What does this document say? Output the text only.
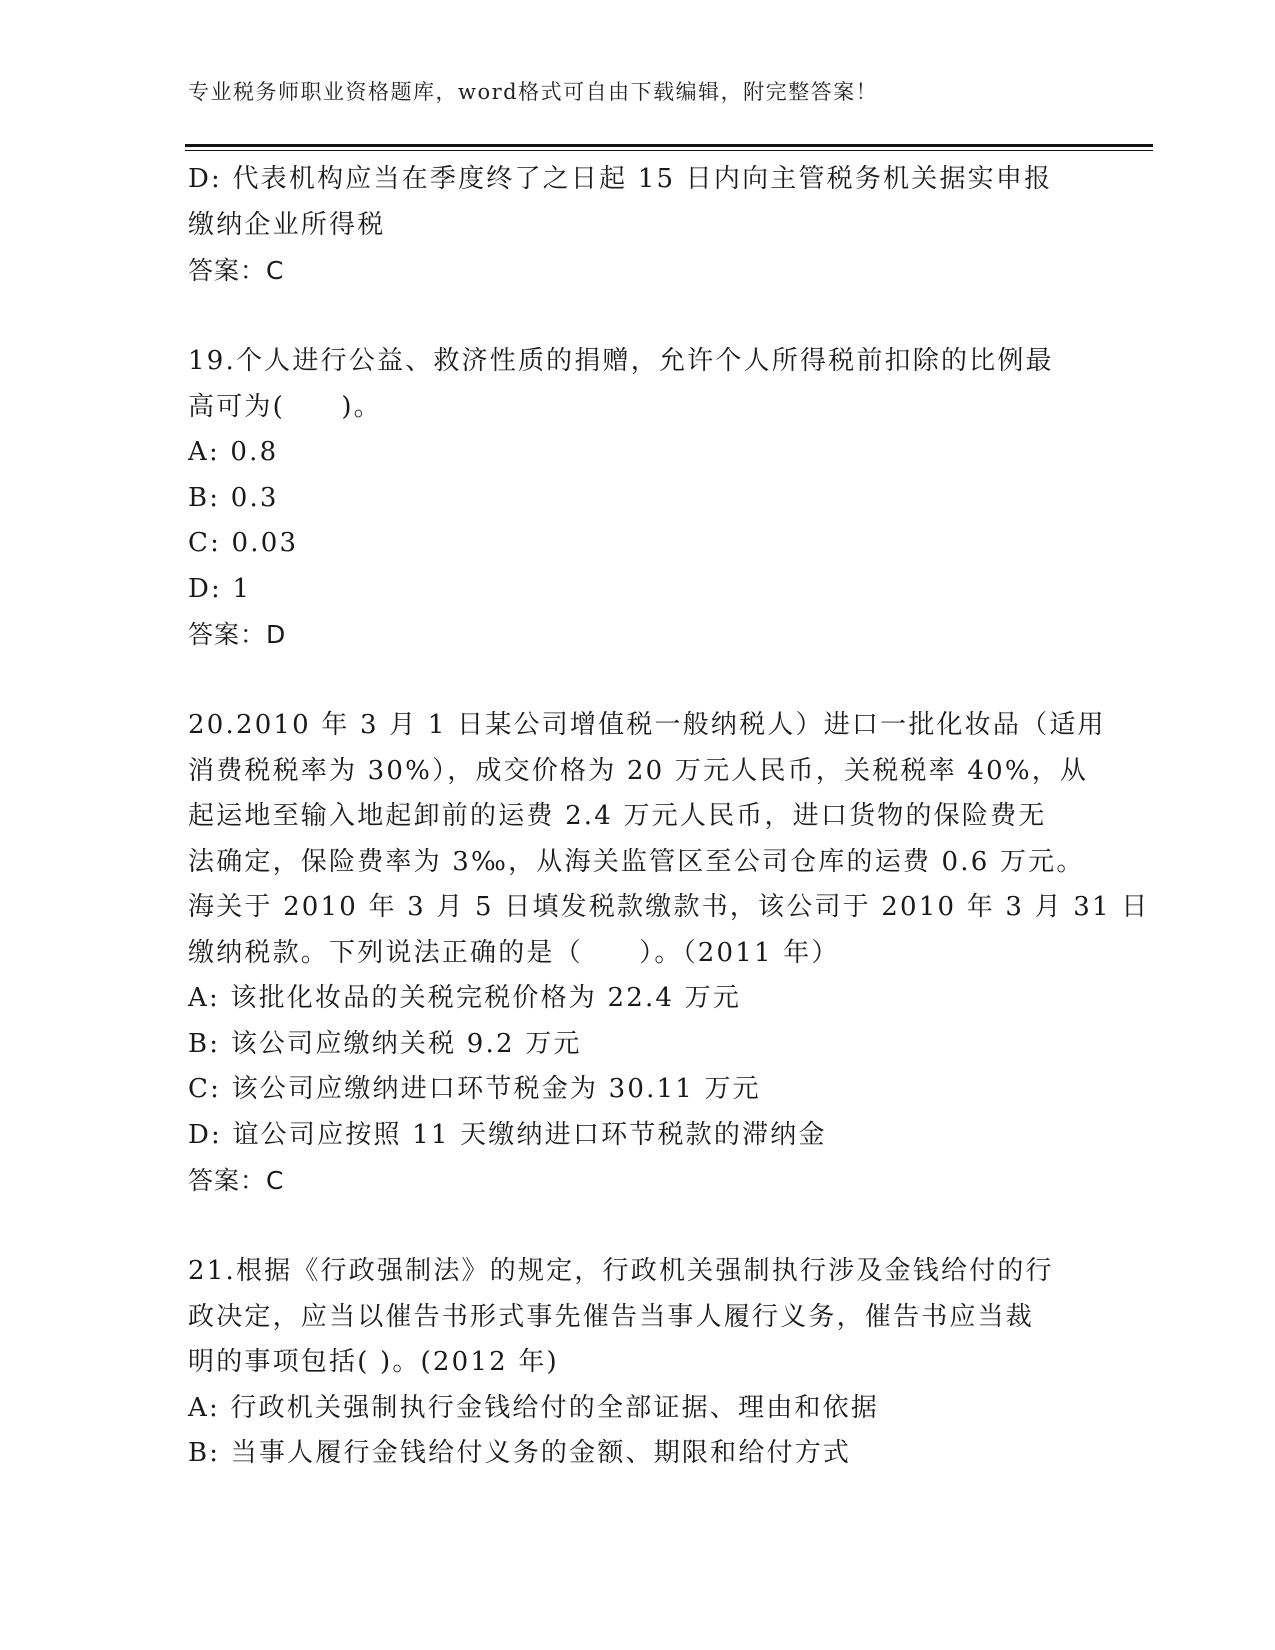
专业税务师职业资格题库，word格式可自由下载编辑，附完整答案！
D: 代表机构应当在季度终了之日起 15 日内向主管税务机关据实申报
缴纳企业所得税
答案：C
19.个人进行公益、救济性质的捐赠，允许个人所得税前扣除的比例最
高可为(　　)。
A: 0.8
B: 0.3
C: 0.03
D: 1
答案：D
20.2010 年 3 月 1 日某公司增值税一般纳税人）进口一批化妆品（适用
消费税税率为 30%），成交价格为 20 万元人民币，关税税率 40%，从
起运地至输入地起卸前的运费 2.4 万元人民币，进口货物的保险费无
法确定，保险费率为 3‰，从海关监管区至公司仓库的运费 0.6 万元。
海关于 2010 年 3 月 5 日填发税款缴款书，该公司于 2010 年 3 月 31 日
缴纳税款。下列说法正确的是（　　）。（2011 年）
A: 该批化妆品的关税完税价格为 22.4 万元
B: 该公司应缴纳关税 9.2 万元
C: 该公司应缴纳进口环节税金为 30.11 万元
D: 谊公司应按照 11 天缴纳进口环节税款的滞纳金
答案：C
21.根据《行政强制法》的规定，行政机关强制执行涉及金钱给付的行
政决定，应当以催告书形式事先催告当事人履行义务，催告书应当裁
明的事项包括( )。(2012 年)
A: 行政机关强制执行金钱给付的全部证据、理由和依据
B: 当事人履行金钱给付义务的金额、期限和给付方式
